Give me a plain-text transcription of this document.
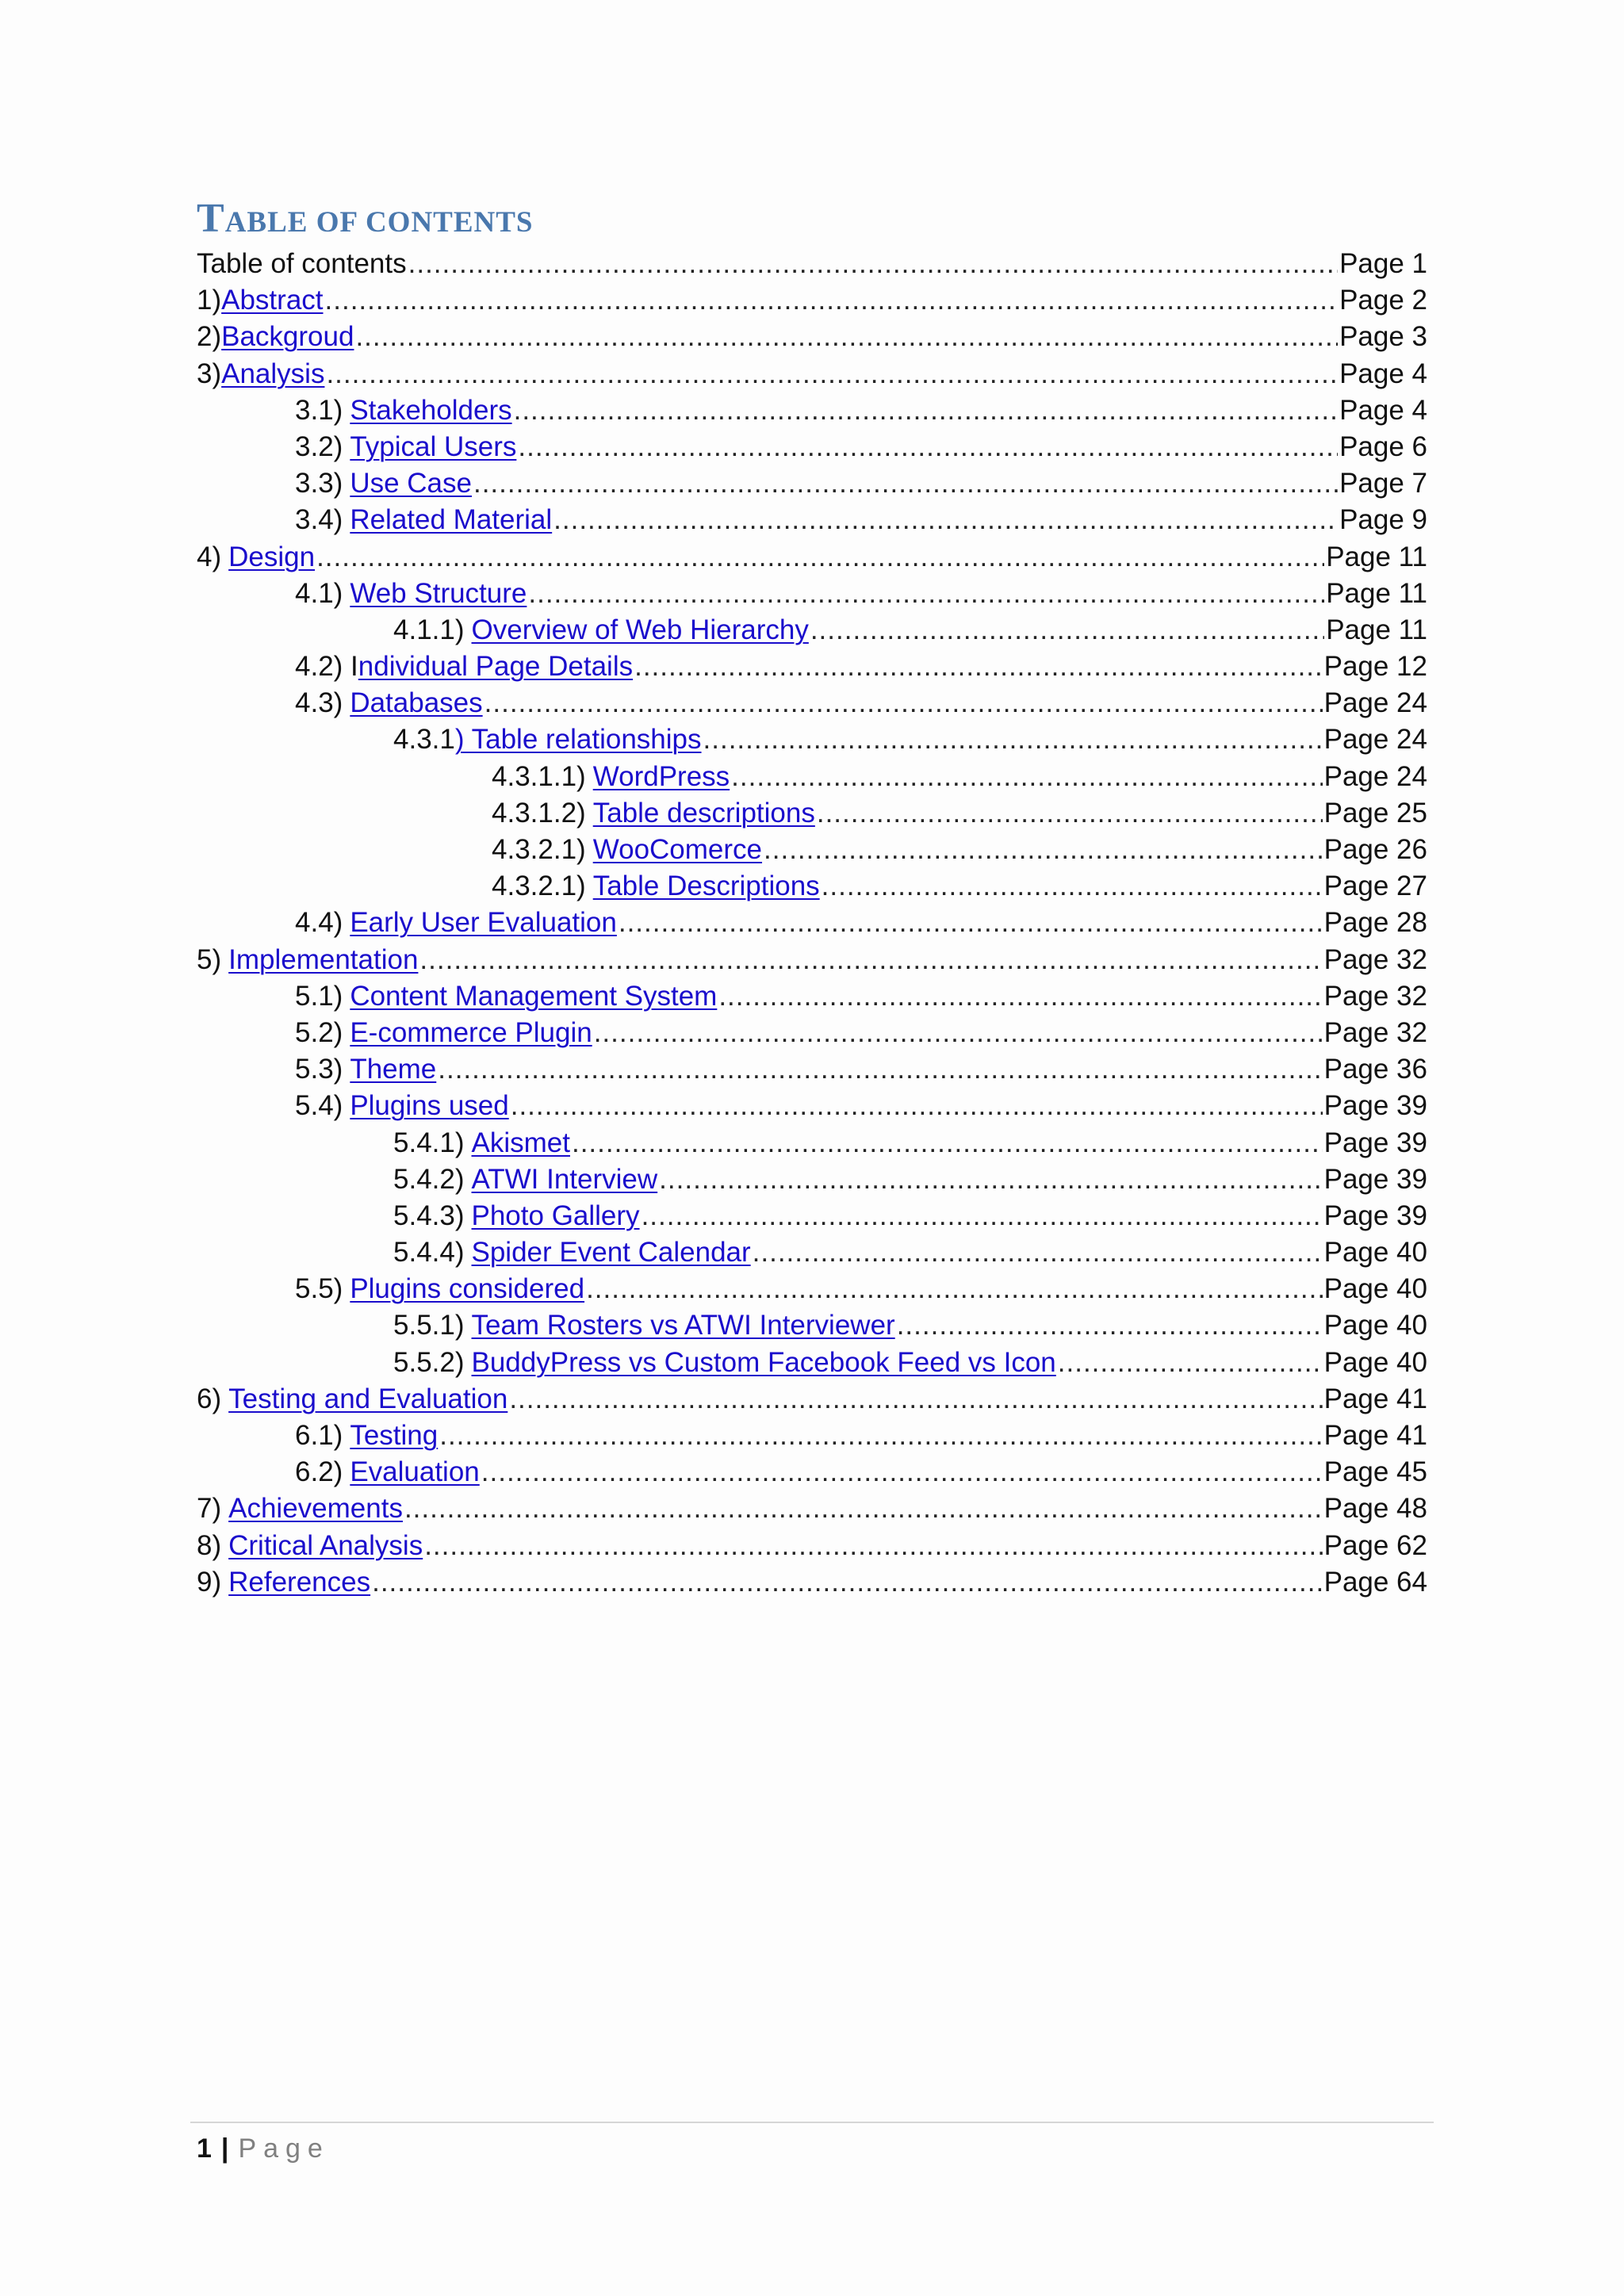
TABLE OF CONTENTS
Table of contents .....	Page 1
1) Abstract .....	Page 2
2) Backgroud .....	Page 3
3) Analysis .....	Page 4
3.1) Stakeholders .....	Page 4
3.2) Typical Users .....	Page 6
3.3) Use Case .....	Page 7
3.4) Related Material .....	Page 9
4) Design .....	Page 11
4.1) Web Structure .....	Page 11
4.1.1) Overview of Web Hierarchy .....	Page 11
4.2) I ndividual Page Details .....	Page 12
4.3) Databases .....	Page 24
4.3.1 ) Table relationships .....	Page 24
4.3.1.1) WordPress .....	Page 24
4.3.1.2) Table descriptions .....	Page 25
4.3.2.1) WooComerce .....	Page 26
4.3.2.1) Table Descriptions .....	Page 27
4.4) Early User Evaluation .....	Page 28
5) Implementation .....	Page 32
5.1) Content Management System .....	Page 32
5.2) E-commerce Plugin .....	Page 32
5.3) Theme .....	Page 36
5.4) Plugins used .....	Page 39
5.4.1) Akismet .....	Page 39
5.4.2) ATWI Interview .....	Page 39
5.4.3) Photo Gallery .....	Page 39
5.4.4) Spider Event Calendar .....	Page 40
5.5) Plugins considered .....	Page 40
5.5.1) Team Rosters vs ATWI Interviewer .....	Page 40
5.5.2) BuddyPress vs Custom Facebook Feed vs Icon .....	Page 40
6) Testing and Evaluation .....	Page 41
6.1) Testing .....	Page 41
6.2) Evaluation .....	Page 45
7) Achievements .....	Page 48
8) Critical Analysis .....	Page 62
9) References .....	Page 64
1 | Page
